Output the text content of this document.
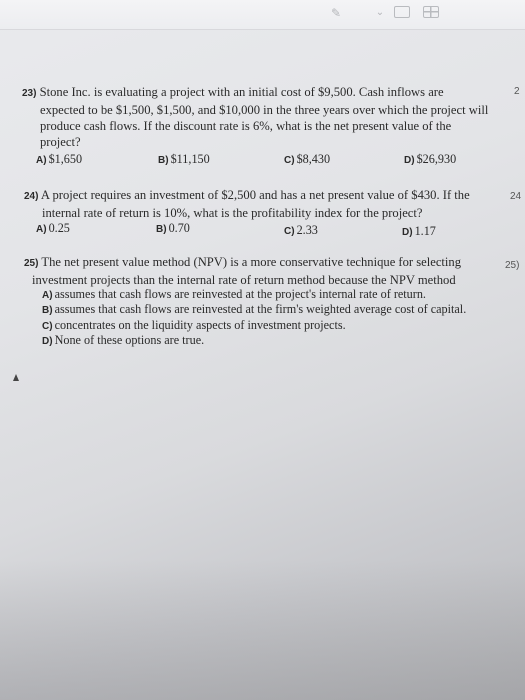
✎	⌄
23) Stone Inc. is evaluating a project with an initial cost of $9,500. Cash inflows are
expected to be $1,500, $1,500, and $10,000 in the three years over which the project will
produce cash flows. If the discount rate is 6%, what is the net present value of the
project?
A) $1,650	B) $11,150	C) $8,430	D) $26,930
2
24) A project requires an investment of $2,500 and has a net present value of $430. If the
internal rate of return is 10%, what is the profitability index for the project?
A) 0.25	B) 0.70	C) 2.33	D) 1.17
24
25) The net present value method (NPV) is a more conservative technique for selecting
investment projects than the internal rate of return method because the NPV method
A) assumes that cash flows are reinvested at the project's internal rate of return.
B) assumes that cash flows are reinvested at the firm's weighted average cost of capital.
C) concentrates on the liquidity aspects of investment projects.
D) None of these options are true.
25)
